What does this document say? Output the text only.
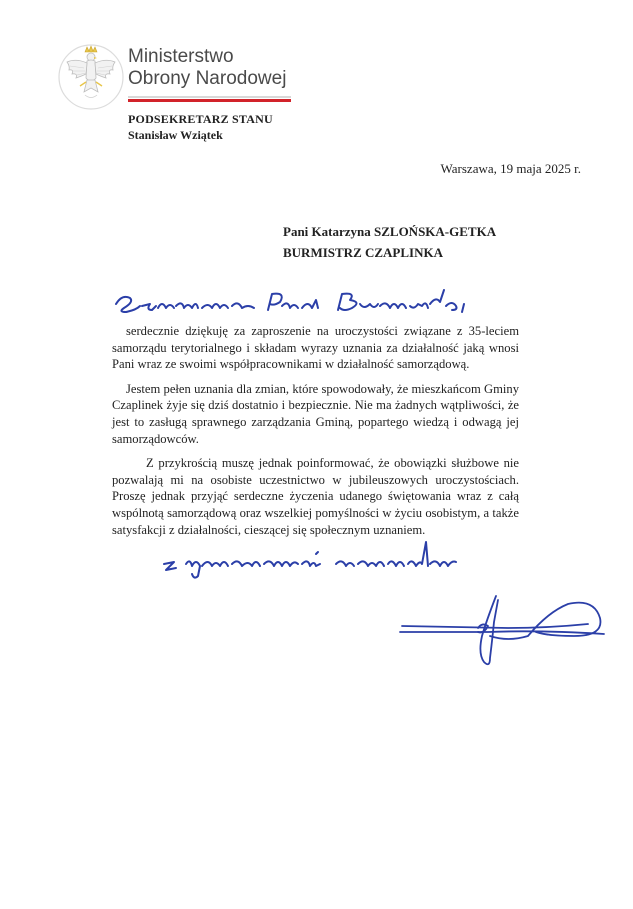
Ministerstwo
Obrony Narodowej
PODSEKRETARZ STANU
Stanisław Wziątek
Warszawa, 19 maja 2025 r.
Pani Katarzyna SZLOŃSKA-GETKA
BURMISTRZ CZAPLINKA

serdecznie dziękuję za zaproszenie na uroczystości związane z 35-leciem samorządu terytorialnego i składam wyrazy uznania za działalność jaką wnosi Pani wraz ze swoimi współpracownikami w działalność samorządową.

Jestem pełen uznania dla zmian, które spowodowały, że mieszkańcom Gminy Czaplinek żyje się dziś dostatnio i bezpiecznie. Nie ma żadnych wątpliwości, że jest to zasługą sprawnego zarządzania Gminą, popartego wiedzą i odwagą jej samorządowców.

Z przykrością muszę jednak poinformować, że obowiązki służbowe nie pozwalają mi na osobiste uczestnictwo w jubileuszowych uroczystościach. Proszę jednak przyjąć serdeczne życzenia udanego świętowania wraz z całą wspólnotą samorządową oraz wszelkiej pomyślności w życiu osobistym, a także satysfakcji z działalności, cieszącej się społecznym uznaniem.
